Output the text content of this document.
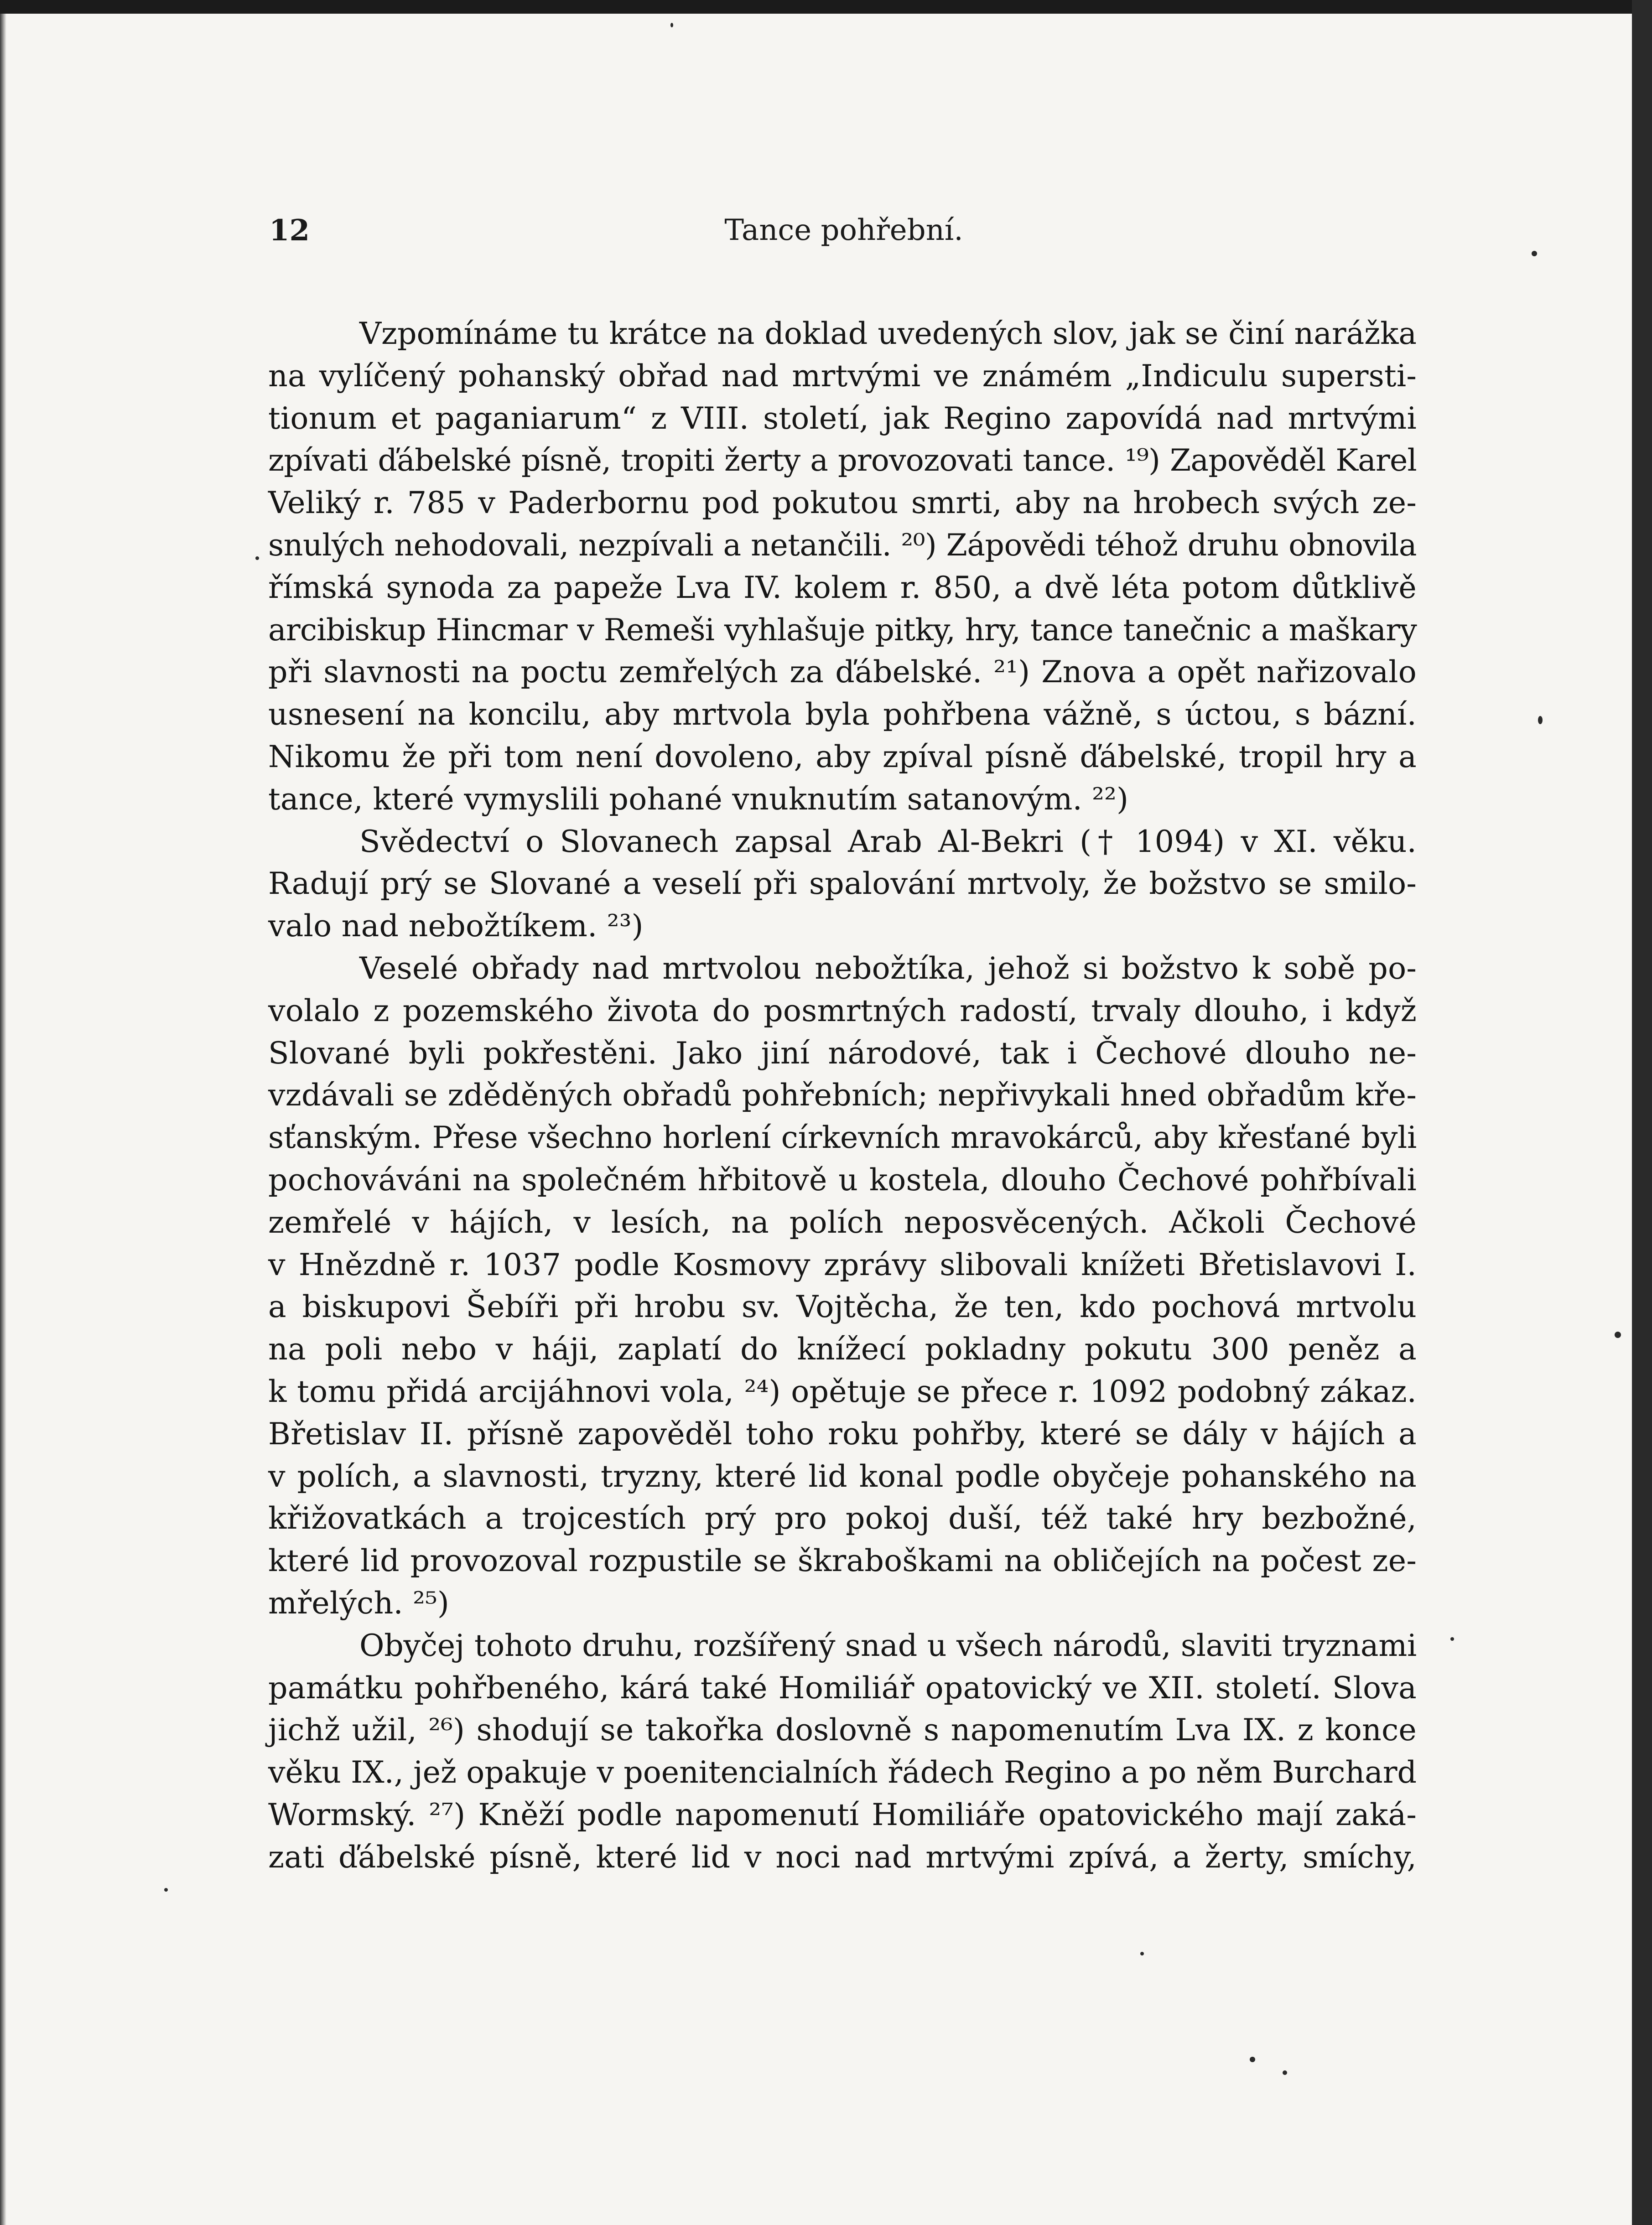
12	Tance pohřební.
Vzpomínáme tu krátce na doklad uvedených slov, jak se činí narážka
na vylíčený pohanský obřad nad mrtvými ve známém „Indiculu supersti-
tionum et paganiarum“ z VIII. století, jak Regino zapovídá nad mrtvými
zpívati ďábelské písně, tropiti žerty a provozovati tance. ¹⁹) Zapověděl Karel
Veliký r. 785 v Paderbornu pod pokutou smrti, aby na hrobech svých ze-
snulých nehodovali, nezpívali a netančili. ²⁰) Zápovědi téhož druhu obnovila
římská synoda za papeže Lva IV. kolem r. 850, a dvě léta potom důtklivě
arcibiskup Hincmar v Remeši vyhlašuje pitky, hry, tance tanečnic a maškary
při slavnosti na poctu zemřelých za ďábelské. ²¹) Znova a opět nařizovalo
usnesení na koncilu, aby mrtvola byla pohřbena vážně, s úctou, s bázní.
Nikomu že při tom není dovoleno, aby zpíval písně ďábelské, tropil hry a
tance, které vymyslili pohané vnuknutím satanovým. ²²)
Svědectví o Slovanech zapsal Arab Al-Bekri († 1094) v XI. věku.
Radují prý se Slované a veselí při spalování mrtvoly, že božstvo se smilo-
valo nad nebožtíkem. ²³)
Veselé obřady nad mrtvolou nebožtíka, jehož si božstvo k sobě po-
volalo z pozemského života do posmrtných radostí, trvaly dlouho, i když
Slované byli pokřestěni. Jako jiní národové, tak i Čechové dlouho ne-
vzdávali se zděděných obřadů pohřebních; nepřivykali hned obřadům kře-
sťanským. Přese všechno horlení církevních mravokárců, aby křesťané byli
pochováváni na společném hřbitově u kostela, dlouho Čechové pohřbívali
zemřelé v hájích, v lesích, na polích neposvěcených. Ačkoli Čechové
v Hnězdně r. 1037 podle Kosmovy zprávy slibovali knížeti Břetislavovi I.
a biskupovi Šebíři při hrobu sv. Vojtěcha, že ten, kdo pochová mrtvolu
na poli nebo v háji, zaplatí do knížecí pokladny pokutu 300 peněz a
k tomu přidá arcijáhnovi vola, ²⁴) opětuje se přece r. 1092 podobný zákaz.
Břetislav II. přísně zapověděl toho roku pohřby, které se dály v hájích a
v polích, a slavnosti, tryzny, které lid konal podle obyčeje pohanského na
křižovatkách a trojcestích prý pro pokoj duší, též také hry bezbožné,
které lid provozoval rozpustile se škraboškami na obličejích na počest ze-
mřelých. ²⁵)
Obyčej tohoto druhu, rozšířený snad u všech národů, slaviti tryznami
památku pohřbeného, kárá také Homiliář opatovický ve XII. století. Slova
jichž užil, ²⁶) shodují se takořka doslovně s napomenutím Lva IX. z konce
věku IX., jež opakuje v poenitencialních řádech Regino a po něm Burchard
Wormský. ²⁷) Kněží podle napomenutí Homiliáře opatovického mají zaká-
zati ďábelské písně, které lid v noci nad mrtvými zpívá, a žerty, smíchy,
